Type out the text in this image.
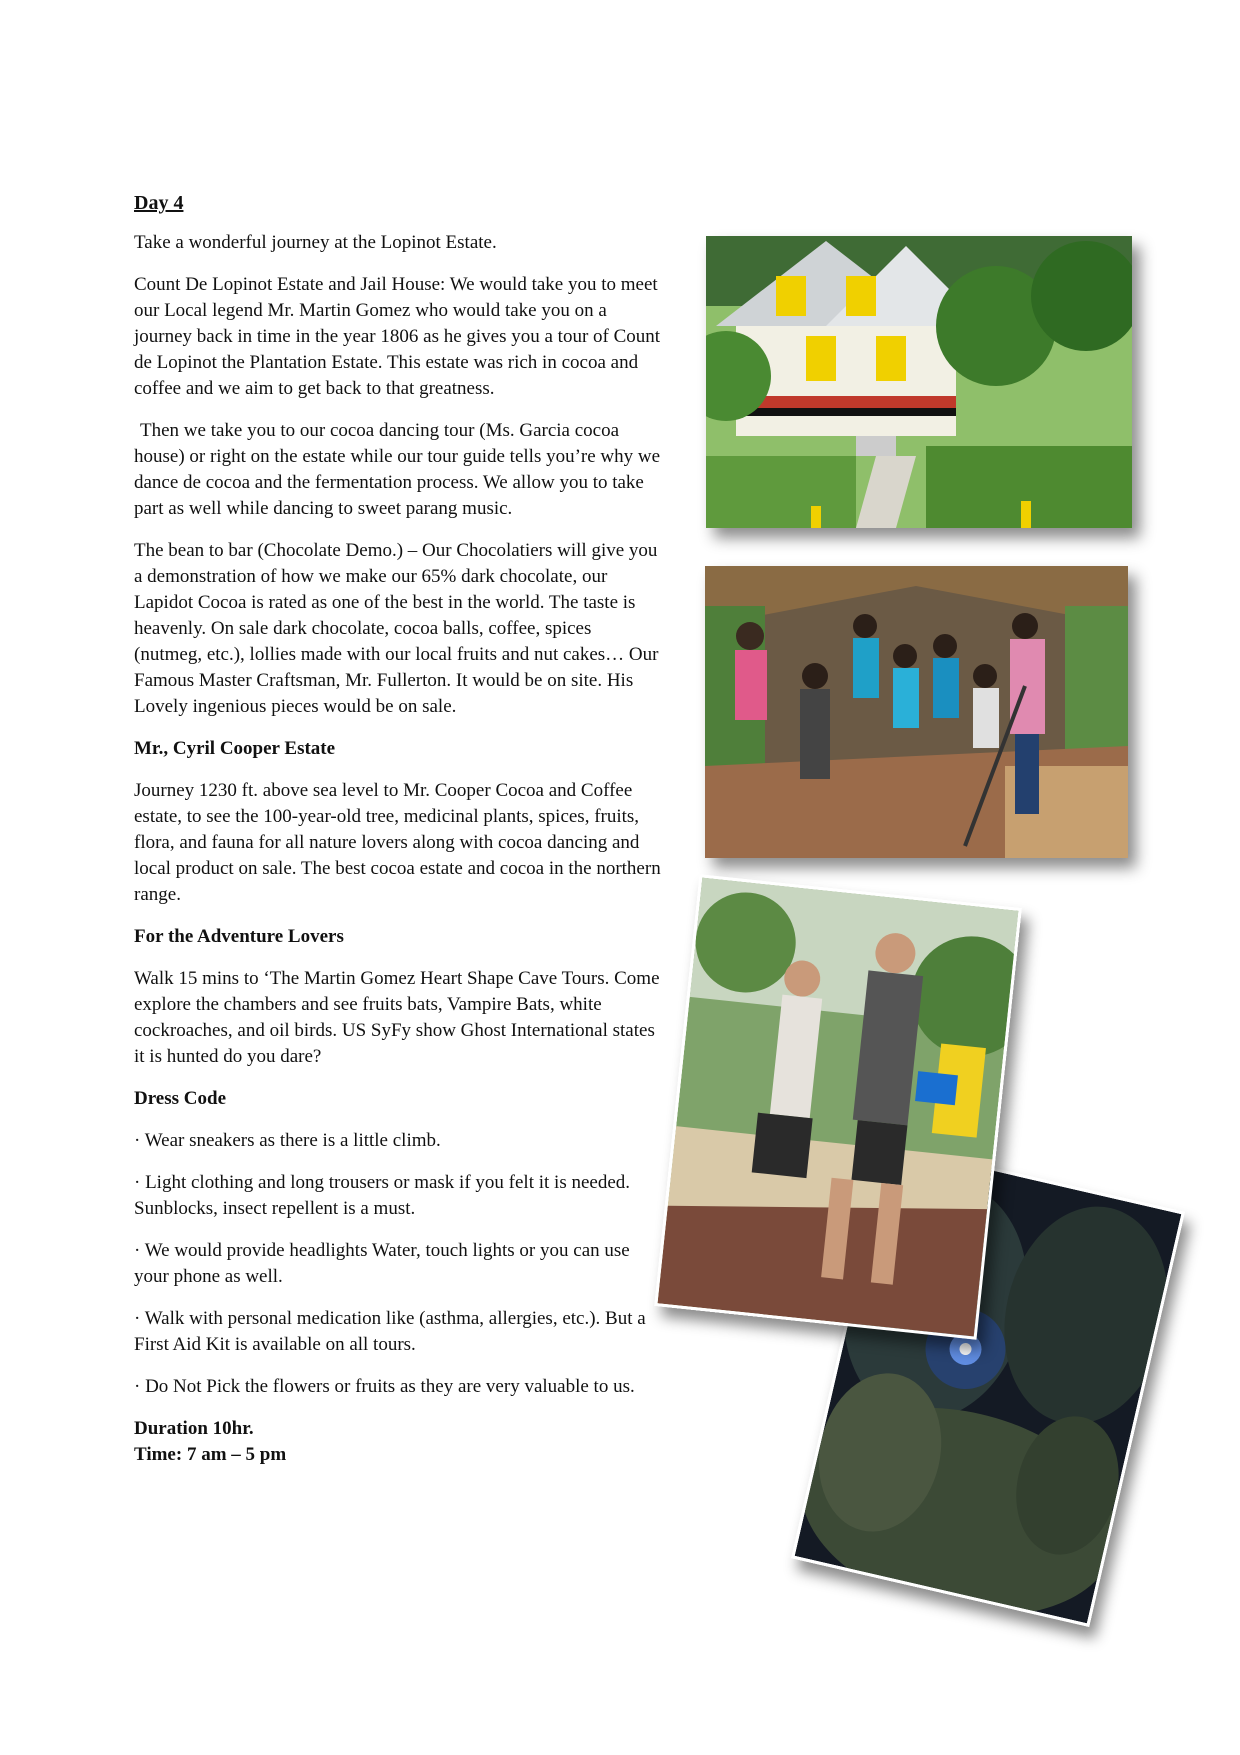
Day 4

Take a wonderful journey at the Lopinot Estate.

Count De Lopinot Estate and Jail House: We would take you to meet our Local legend Mr. Martin Gomez who would take you on a journey back in time in the year 1806 as he gives you a tour of Count de Lopinot the Plantation Estate. This estate was rich in cocoa and coffee and we aim to get back to that greatness.

Then we take you to our cocoa dancing tour (Ms. Garcia cocoa house) or right on the estate while our tour guide tells you’re why we dance de cocoa and the fermentation process. We allow you to take part as well while dancing to sweet parang music.

The bean to bar (Chocolate Demo.) – Our Chocolatiers will give you a demonstration of how we make our 65% dark chocolate, our Lapidot Cocoa is rated as one of the best in the world. The taste is heavenly. On sale dark chocolate, cocoa balls, coffee, spices (nutmeg, etc.), lollies made with our local fruits and nut cakes… Our Famous Master Craftsman, Mr. Fullerton. It would be on site. His Lovely ingenious pieces would be on sale.

Mr., Cyril Cooper Estate

Journey 1230 ft. above sea level to Mr. Cooper Cocoa and Coffee estate, to see the 100-year-old tree, medicinal plants, spices, fruits, flora, and fauna for all nature lovers along with cocoa dancing and local product on sale. The best cocoa estate and cocoa in the northern range.

For the Adventure Lovers

Walk 15 mins to ‘The Martin Gomez Heart Shape Cave Tours. Come explore the chambers and see fruits bats, Vampire Bats, white cockroaches, and oil birds. US SyFy show Ghost International states it is hunted do you dare?

Dress Code

· Wear sneakers as there is a little climb.

· Light clothing and long trousers or mask if you felt it is needed. Sunblocks, insect repellent is a must.

· We would provide headlights Water, touch lights or you can use your phone as well.

· Walk with personal medication like (asthma, allergies, etc.). But a First Aid Kit is available on all tours.

· Do Not Pick the flowers or fruits as they are very valuable to us.

Duration 10hr.
Time: 7 am – 5 pm
